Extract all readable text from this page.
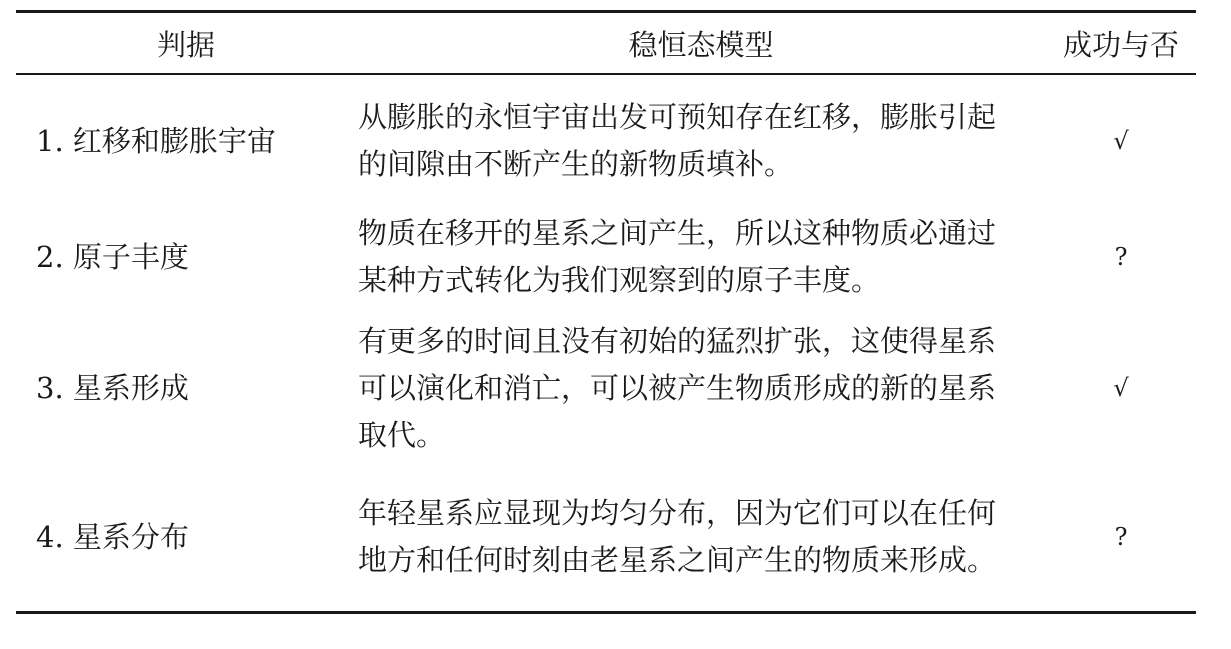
判据	稳恒态模型	成功与否
1. 红移和膨胀宇宙	从膨胀的永恒宇宙出发可预知存在红移，膨胀引起的间隙由不断产生的新物质填补。	√
2. 原子丰度	物质在移开的星系之间产生，所以这种物质必通过某种方式转化为我们观察到的原子丰度。	?
3. 星系形成	有更多的时间且没有初始的猛烈扩张，这使得星系可以演化和消亡，可以被产生物质形成的新的星系取代。	√
4. 星系分布	年轻星系应显现为均匀分布，因为它们可以在任何地方和任何时刻由老星系之间产生的物质来形成。	?
